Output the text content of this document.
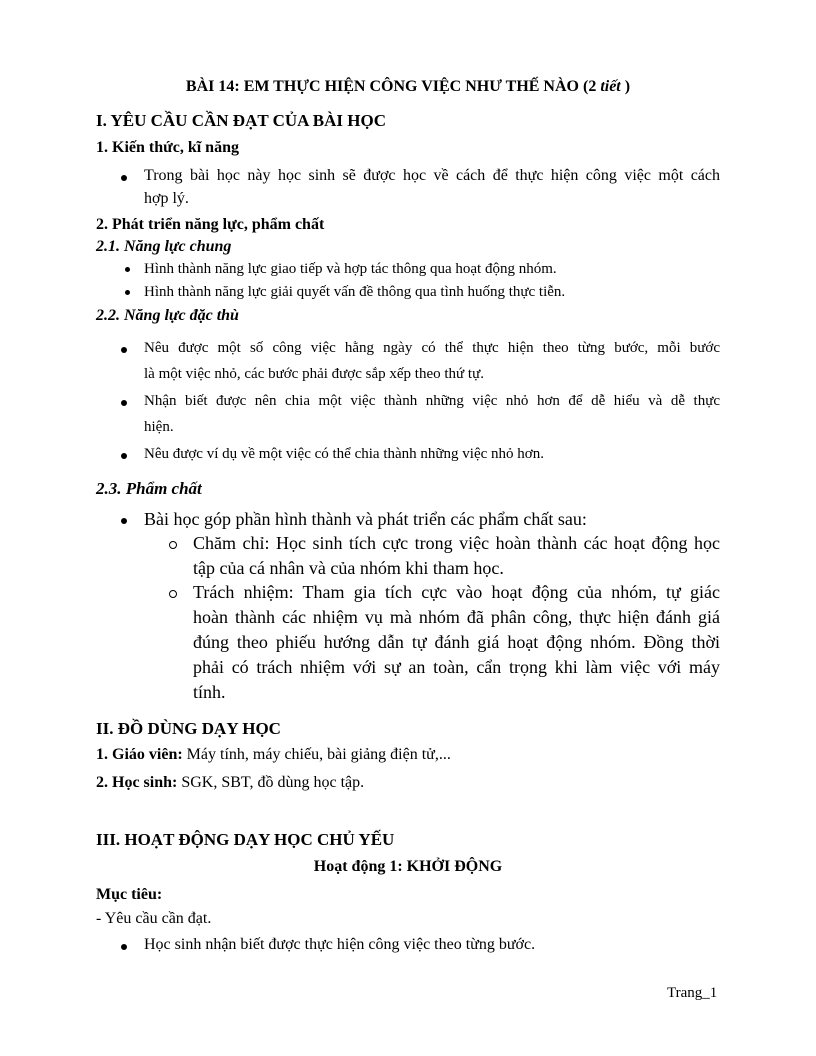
BÀI 14: EM THỰC HIỆN CÔNG VIỆC NHƯ THẾ NÀO (2 tiết )
I. YÊU CẦU CẦN ĐẠT CỦA BÀI HỌC
1. Kiến thức, kĩ năng
Trong bài học này học sinh sẽ được học về cách để thực hiện công việc một cách
hợp lý.
2. Phát triển năng lực, phẩm chất
2.1. Năng lực chung
Hình thành năng lực giao tiếp và hợp tác thông qua hoạt động nhóm.
Hình thành năng lực giải quyết vấn đề thông qua tình huống thực tiễn.
2.2. Năng lực đặc thù
Nêu được một số công việc hằng ngày có thể thực hiện theo từng bước, mỗi bước
là một việc nhỏ, các bước phải được sắp xếp theo thứ tự.
Nhận biết được nên chia một việc thành những việc nhỏ hơn để dễ hiểu và dễ thực
hiện.
Nêu được ví dụ về một việc có thể chia thành những việc nhỏ hơn.
2.3. Phẩm chất
Bài học góp phần hình thành và phát triển các phẩm chất sau:
Chăm chỉ: Học sinh tích cực trong việc hoàn thành các hoạt động học
tập của cá nhân và của nhóm khi tham học.
Trách nhiệm: Tham gia tích cực vào hoạt động của nhóm, tự giác
hoàn thành các nhiệm vụ mà nhóm đã phân công, thực hiện đánh giá
đúng theo phiếu hướng dẫn tự đánh giá hoạt động nhóm. Đồng thời
phải có trách nhiệm với sự an toàn, cẩn trọng khi làm việc với máy
tính.
II. ĐỒ DÙNG DẠY HỌC
1. Giáo viên: Máy tính, máy chiếu, bài giảng điện tử,...
2. Học sinh: SGK, SBT, đồ dùng học tập.
III. HOẠT ĐỘNG DẠY HỌC CHỦ YẾU
Hoạt động 1: KHỞI ĐỘNG
Mục tiêu:
- Yêu cầu cần đạt.
Học sinh nhận biết được thực hiện công việc theo từng bước.
Trang_1
